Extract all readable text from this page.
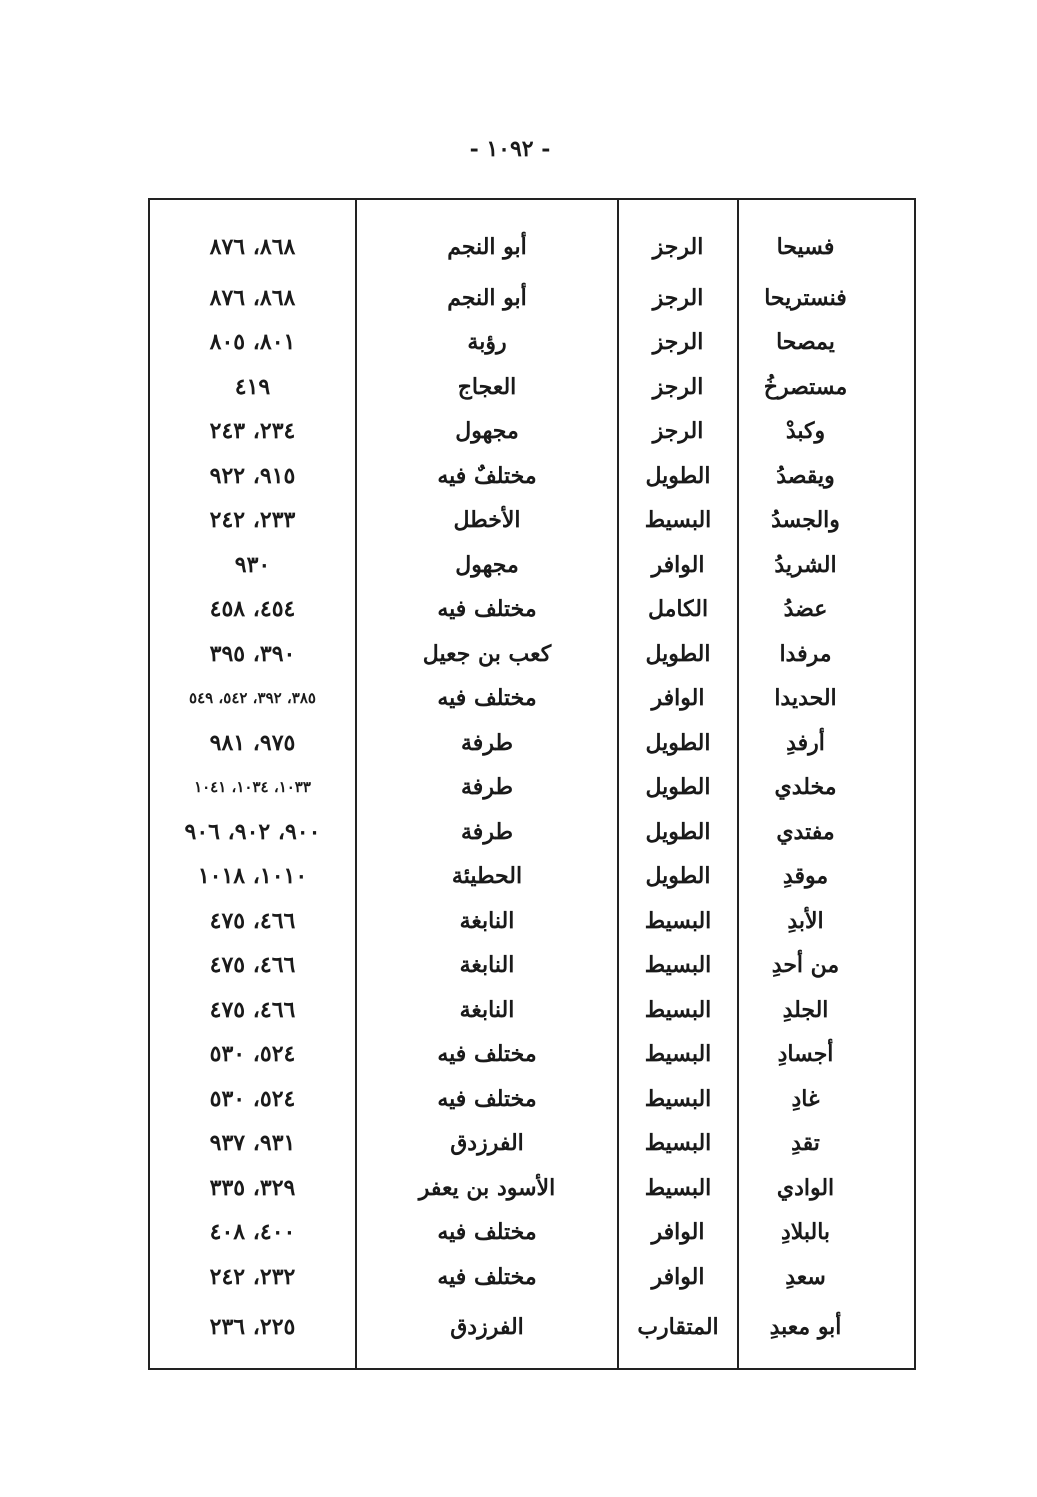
- ١٠٩٢ -
فسيحا	الرجز	أبو النجم	٨٦٨، ٨٧٦
فنستريحا	الرجز	أبو النجم	٨٦٨، ٨٧٦
يمصحا	الرجز	رؤبة	٨٠١، ٨٠٥
مستصرخُ	الرجز	العجاج	٤١٩
وكبدْ	الرجز	مجهول	٢٣٤، ٢٤٣
ويقصدُ	الطويل	مختلفٌ فيه	٩١٥، ٩٢٢
والجسدُ	البسيط	الأخطل	٢٣٣، ٢٤٢
الشريدُ	الوافر	مجهول	٩٣٠
عضدُ	الكامل	مختلف فيه	٤٥٤، ٤٥٨
مرفدا	الطويل	كعب بن جعيل	٣٩٠، ٣٩٥
الحديدا	الوافر	مختلف فيه	٣٨٥، ٣٩٢، ٥٤٢، ٥٤٩
أرفدِ	الطويل	طرفة	٩٧٥، ٩٨١
مخلدي	الطويل	طرفة	١٠٣٣، ١٠٣٤، ١٠٤١
مفتدي	الطويل	طرفة	٩٠٠، ٩٠٢، ٩٠٦
موقدِ	الطويل	الحطيئة	١٠١٠، ١٠١٨
الأبدِ	البسيط	النابغة	٤٦٦، ٤٧٥
من أحدِ	البسيط	النابغة	٤٦٦، ٤٧٥
الجلدِ	البسيط	النابغة	٤٦٦، ٤٧٥
أجسادِ	البسيط	مختلف فيه	٥٢٤، ٥٣٠
غادِ	البسيط	مختلف فيه	٥٢٤، ٥٣٠
تقدِ	البسيط	الفرزدق	٩٣١، ٩٣٧
الوادي	البسيط	الأسود بن يعفر	٣٢٩، ٣٣٥
بالبلادِ	الوافر	مختلف فيه	٤٠٠، ٤٠٨
سعدِ	الوافر	مختلف فيه	٢٣٢، ٢٤٢
أبو معبدِ	المتقارب	الفرزدق	٢٢٥، ٢٣٦
